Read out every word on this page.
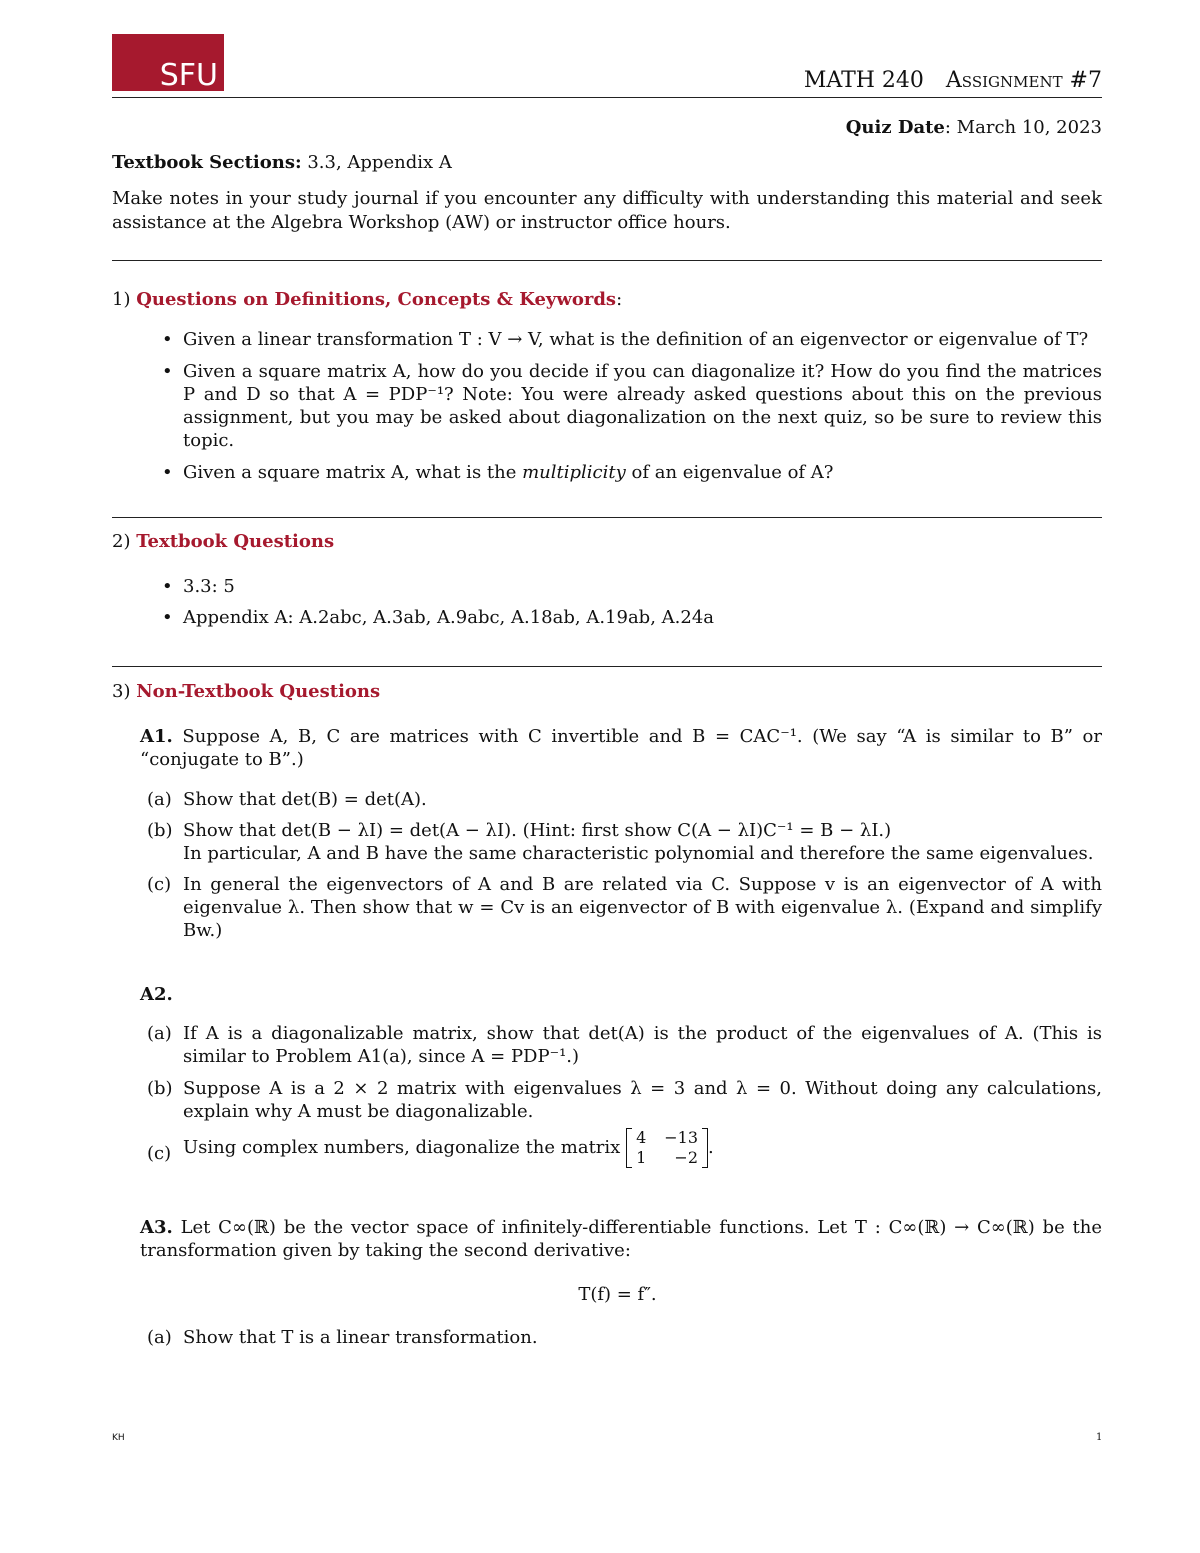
SFU	MATH 240 Assignment #7
Quiz Date: March 10, 2023
Textbook Sections: 3.3, Appendix A
Make notes in your study journal if you encounter any difficulty with understanding this material and seek assistance at the Algebra Workshop (AW) or instructor office hours.
1) Questions on Definitions, Concepts & Keywords:
• Given a linear transformation T : V → V, what is the definition of an eigenvector or eigenvalue of T?
• Given a square matrix A, how do you decide if you can diagonalize it? How do you find the matrices P and D so that A = PDP⁻¹? Note: You were already asked questions about this on the previous assignment, but you may be asked about diagonalization on the next quiz, so be sure to review this topic.
• Given a square matrix A, what is the multiplicity of an eigenvalue of A?
2) Textbook Questions
• 3.3: 5
• Appendix A: A.2abc, A.3ab, A.9abc, A.18ab, A.19ab, A.24a
3) Non-Textbook Questions
A1. Suppose A, B, C are matrices with C invertible and B = CAC⁻¹. (We say “A is similar to B” or “conjugate to B”.)
(a) Show that det(B) = det(A).
(b) Show that det(B − λI) = det(A − λI). (Hint: first show C(A − λI)C⁻¹ = B − λI.)
In particular, A and B have the same characteristic polynomial and therefore the same eigenvalues.
(c) In general the eigenvectors of A and B are related via C. Suppose v is an eigenvector of A with eigenvalue λ. Then show that w = Cv is an eigenvector of B with eigenvalue λ. (Expand and simplify Bw.)
A2.
(a) If A is a diagonalizable matrix, show that det(A) is the product of the eigenvalues of A. (This is similar to Problem A1(a), since A = PDP⁻¹.)
(b) Suppose A is a 2 × 2 matrix with eigenvalues λ = 3 and λ = 0. Without doing any calculations, explain why A must be diagonalizable.
(c) Using complex numbers, diagonalize the matrix 4	−13
1	−2 .
A3. Let C∞(ℝ) be the vector space of infinitely-differentiable functions. Let T : C∞(ℝ) → C∞(ℝ) be the transformation given by taking the second derivative:
T(f) = f″.
(a) Show that T is a linear transformation.
KH	1
